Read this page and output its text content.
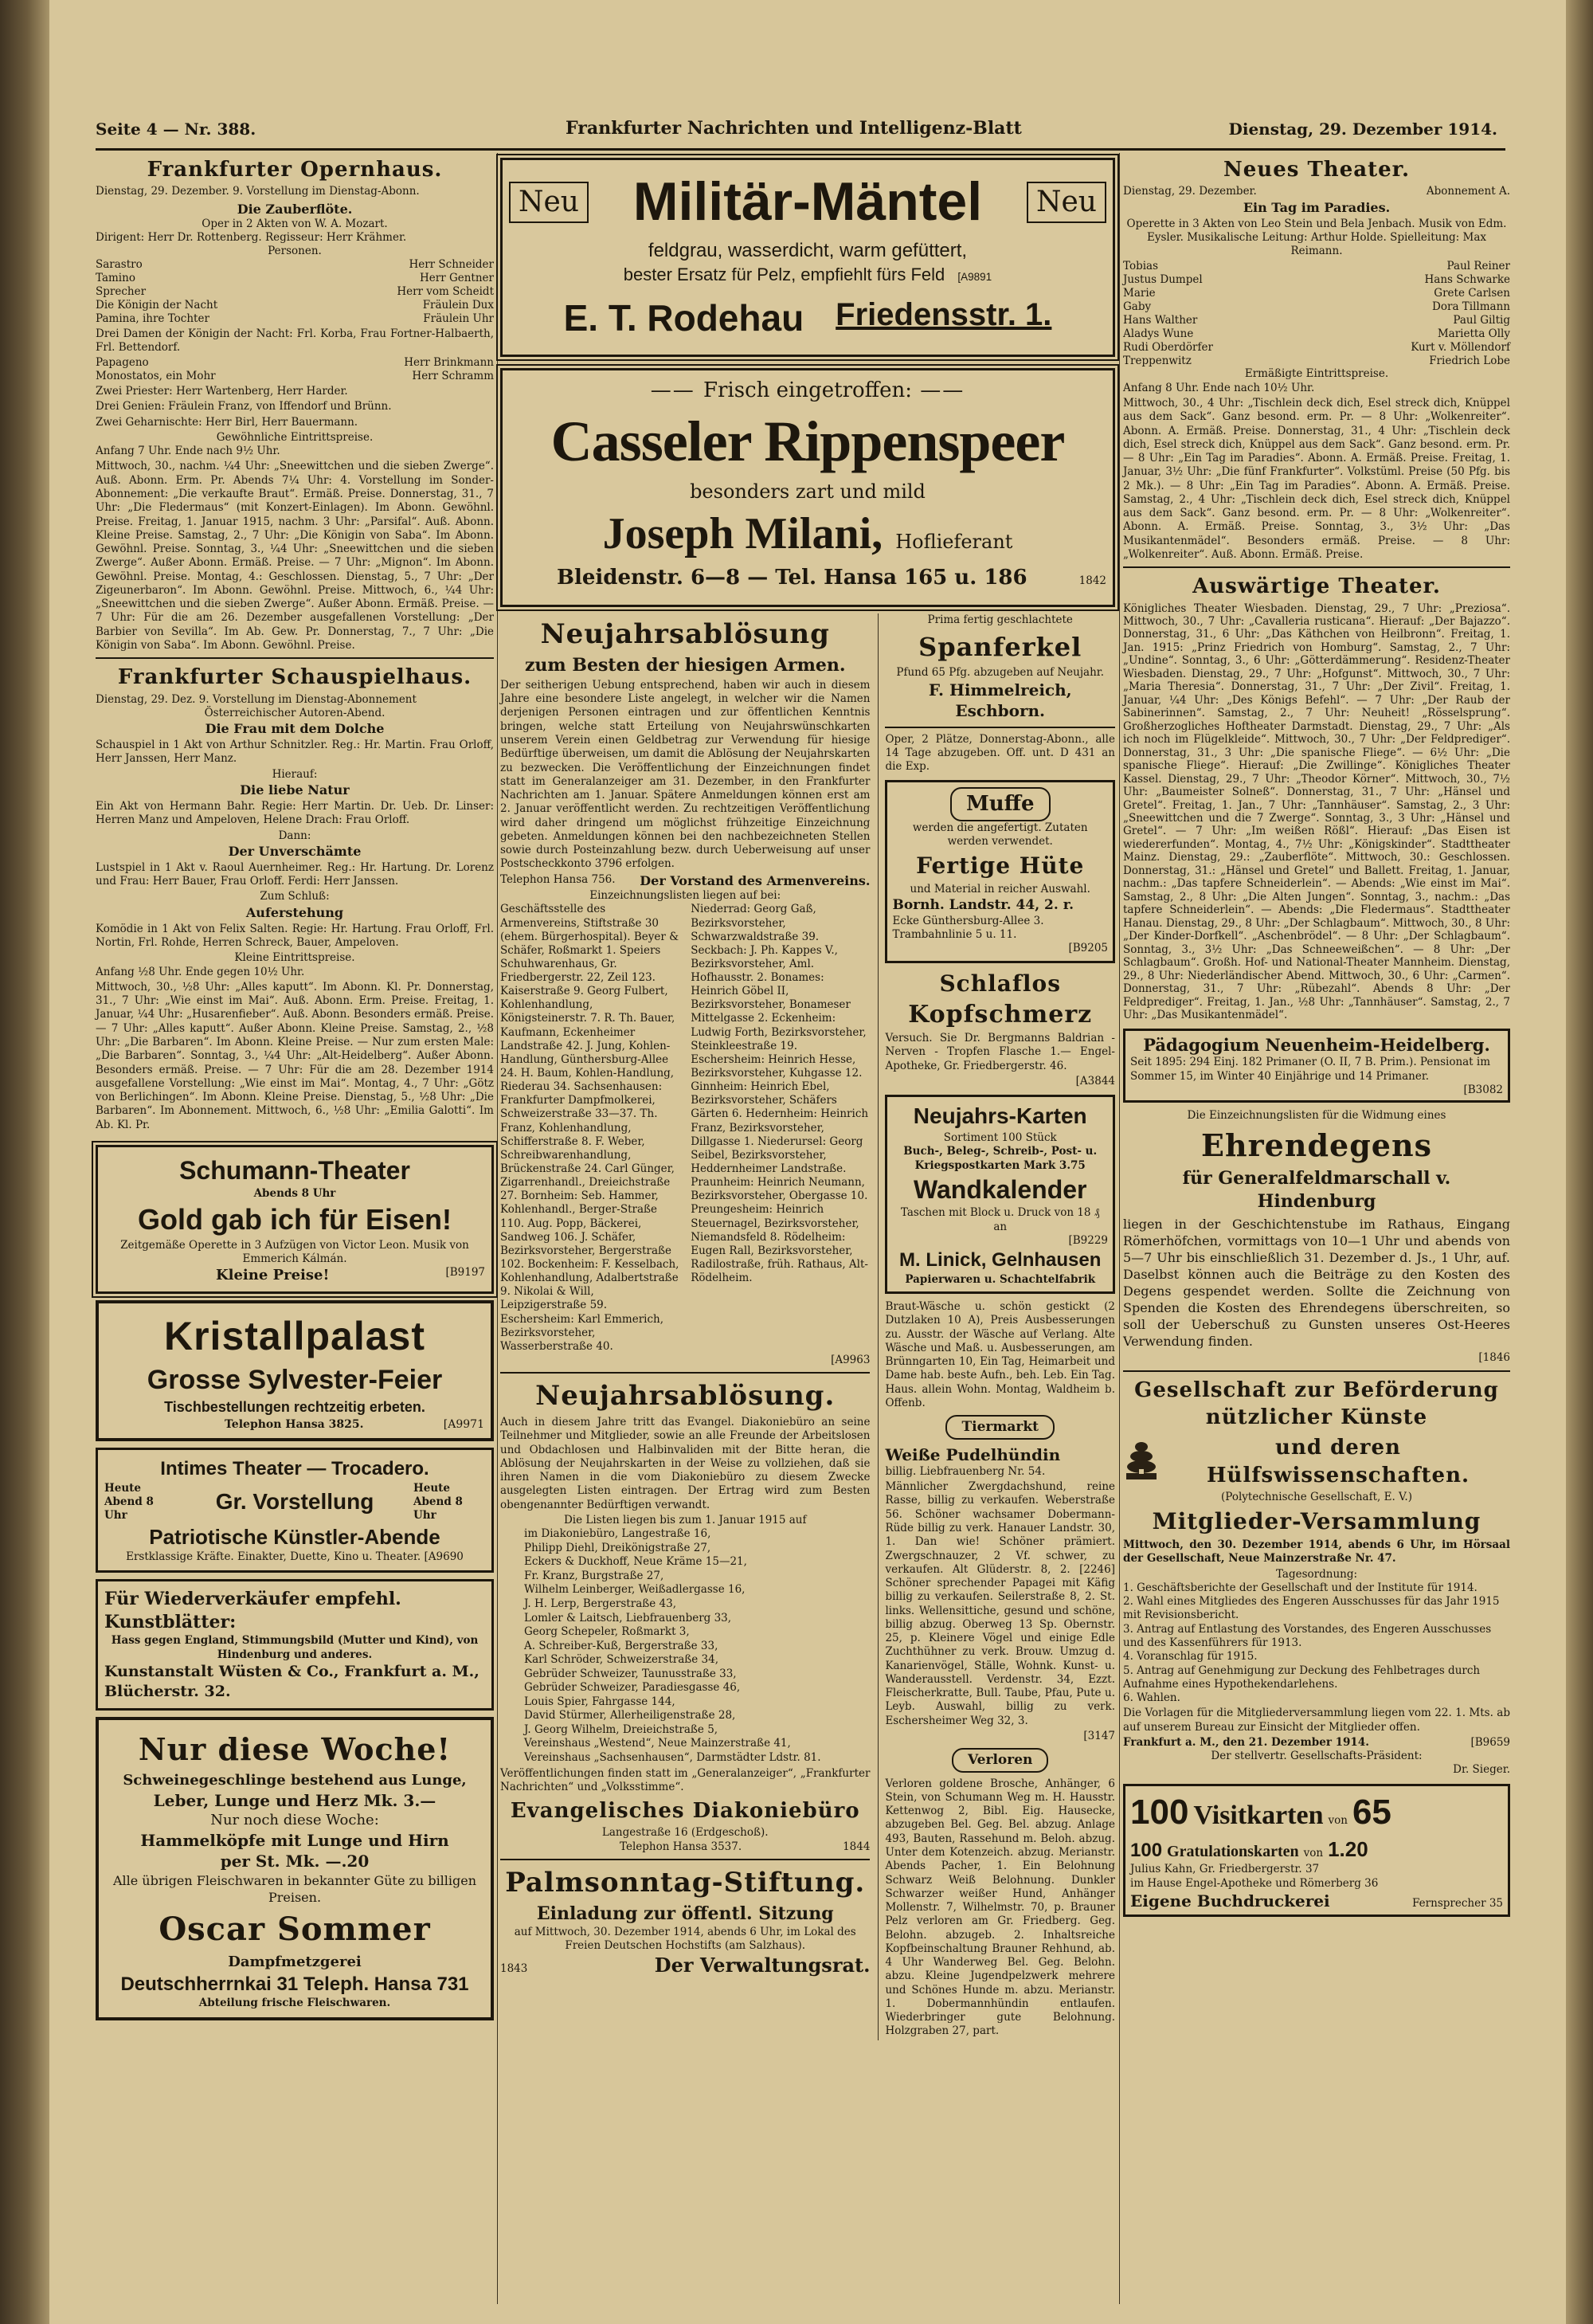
Seite 4 — Nr. 388.	Frankfurter Nachrichten und Intelligenz-Blatt	Dienstag, 29. Dezember 1914.
Frankfurter Opernhaus.
Dienstag, 29. Dezember. 9. Vorstellung im Dienstag-Abonn.
Die Zauberflöte.
Oper in 2 Akten von W. A. Mozart.
Dirigent: Herr Dr. Rottenberg. Regisseur: Herr Krähmer.
Personen.
Sarastro	Herr Schneider
Tamino	Herr Gentner
Sprecher	Herr vom Scheidt
Die Königin der Nacht	Fräulein Dux
Pamina, ihre Tochter	Fräulein Uhr
Drei Damen der Königin der Nacht: Frl. Korba, Frau Fortner-Halbaerth, Frl. Bettendorf.
Papageno	Herr Brinkmann
Monostatos, ein Mohr	Herr Schramm
Zwei Priester: Herr Wartenberg, Herr Harder.
Drei Genien: Fräulein Franz, von Iffendorf und Brünn.
Zwei Geharnischte: Herr Birl, Herr Bauermann.
Gewöhnliche Eintrittspreise.
Anfang 7 Uhr. Ende nach 9½ Uhr.
Mittwoch, 30., nachm. ¼4 Uhr: „Sneewittchen und die sieben Zwerge“. Auß. Abonn. Erm. Pr. Abends 7¼ Uhr: 4. Vorstellung im Sonder-Abonnement: „Die verkaufte Braut“. Ermäß. Preise. Donnerstag, 31., 7 Uhr: „Die Fledermaus“ (mit Konzert-Einlagen). Im Abonn. Gewöhnl. Preise. Freitag, 1. Januar 1915, nachm. 3 Uhr: „Parsifal“. Auß. Abonn. Kleine Preise. Samstag, 2., 7 Uhr: „Die Königin von Saba“. Im Abonn. Gewöhnl. Preise. Sonntag, 3., ¼4 Uhr: „Sneewittchen und die sieben Zwerge“. Außer Abonn. Ermäß. Preise. — 7 Uhr: „Mignon“. Im Abonn. Gewöhnl. Preise. Montag, 4.: Geschlossen. Dienstag, 5., 7 Uhr: „Der Zigeunerbaron“. Im Abonn. Gewöhnl. Preise. Mittwoch, 6., ¼4 Uhr: „Sneewittchen und die sieben Zwerge“. Außer Abonn. Ermäß. Preise. — 7 Uhr: Für die am 26. Dezember ausgefallenen Vorstellung: „Der Barbier von Sevilla“. Im Ab. Gew. Pr. Donnerstag, 7., 7 Uhr: „Die Königin von Saba“. Im Abonn. Gewöhnl. Preise.
Frankfurter Schauspielhaus.
Dienstag, 29. Dez. 9. Vorstellung im Dienstag-Abonnement
Österreichischer Autoren-Abend.
Die Frau mit dem Dolche
Schauspiel in 1 Akt von Arthur Schnitzler. Reg.: Hr. Martin. Frau Orloff, Herr Janssen, Herr Manz.
Hierauf:
Die liebe Natur
Ein Akt von Hermann Bahr. Regie: Herr Martin. Dr. Ueb. Dr. Linser: Herren Manz und Ampeloven, Helene Drach: Frau Orloff.
Dann:
Der Unverschämte
Lustspiel in 1 Akt v. Raoul Auernheimer. Reg.: Hr. Hartung. Dr. Lorenz und Frau: Herr Bauer, Frau Orloff. Ferdi: Herr Janssen.
Zum Schluß:
Auferstehung
Komödie in 1 Akt von Felix Salten. Regie: Hr. Hartung. Frau Orloff, Frl. Nortin, Frl. Rohde, Herren Schreck, Bauer, Ampeloven.
Kleine Eintrittspreise.
Anfang ½8 Uhr. Ende gegen 10½ Uhr.
Mittwoch, 30., ½8 Uhr: „Alles kaputt“. Im Abonn. Kl. Pr. Donnerstag, 31., 7 Uhr: „Wie einst im Mai“. Auß. Abonn. Erm. Preise. Freitag, 1. Januar, ¼4 Uhr: „Husarenfieber“. Auß. Abonn. Besonders ermäß. Preise. — 7 Uhr: „Alles kaputt“. Außer Abonn. Kleine Preise. Samstag, 2., ½8 Uhr: „Die Barbaren“. Im Abonn. Kleine Preise. — Nur zum ersten Male: „Die Barbaren“. Sonntag, 3., ¼4 Uhr: „Alt-Heidelberg“. Außer Abonn. Besonders ermäß. Preise. — 7 Uhr: Für die am 28. Dezember 1914 ausgefallene Vorstellung: „Wie einst im Mai“. Montag, 4., 7 Uhr: „Götz von Berlichingen“. Im Abonn. Kleine Preise. Dienstag, 5., ½8 Uhr: „Die Barbaren“. Im Abonnement. Mittwoch, 6., ½8 Uhr: „Emilia Galotti“. Im Ab. Kl. Pr.
Schumann-Theater
Abends 8 Uhr
Gold gab ich für Eisen!
Zeitgemäße Operette in 3 Aufzügen von Victor Leon. Musik von Emmerich Kálmán.
Kleine Preise!	[B9197
Kristallpalast
Grosse Sylvester-Feier
Tischbestellungen rechtzeitig erbeten.
Telephon Hansa 3825.	[A9971
Intimes Theater — Trocadero.
Heute Abend 8 Uhr
Gr. Vorstellung
Heute Abend 8 Uhr
Patriotische Künstler-Abende
Erstklassige Kräfte. Einakter, Duette, Kino u. Theater. [A9690
Für Wiederverkäufer empfehl. Kunstblätter:
Hass gegen England, Stimmungsbild (Mutter und Kind), von Hindenburg und anderes.
Kunstanstalt Wüsten & Co., Frankfurt a. M., Blücherstr. 32.
Nur diese Woche!
Schweinegeschlinge bestehend aus Lunge,
Leber, Lunge und Herz Mk. 3.—
Nur noch diese Woche:
Hammelköpfe mit Lunge und Hirn
per St. Mk. —.20
Alle übrigen Fleischwaren in bekannter Güte zu billigen Preisen.
Oscar Sommer
Dampfmetzgerei
Deutschherrnkai 31 Teleph. Hansa 731
Abteilung frische Fleischwaren.
Neu Militär-Mäntel	Neu
feldgrau, wasserdicht, warm gefüttert,
bester Ersatz für Pelz, empfiehlt fürs Feld [A9891
E. T. Rodehau Friedensstr. 1.
—— Frisch eingetroffen: ——
Casseler Rippenspeer
besonders zart und mild
Joseph Milani, Hoflieferant
Bleidenstr. 6—8 — Tel. Hansa 165 u. 186	1842
Neujahrsablösung
zum Besten der hiesigen Armen.
Der seitherigen Uebung entsprechend, haben wir auch in diesem Jahre eine besondere Liste angelegt, in welcher wir die Namen derjenigen Personen eintragen und zur öffentlichen Kenntnis bringen, welche statt Erteilung von Neujahrswünschkarten unserem Verein einen Geldbetrag zur Verwendung für hiesige Bedürftige überweisen, um damit die Ablösung der Neujahrskarten zu bezwecken. Die Veröffentlichung der Einzeichnungen findet statt im Generalanzeiger am 31. Dezember, in den Frankfurter Nachrichten am 1. Januar. Spätere Anmeldungen können erst am 2. Januar veröffentlicht werden. Zu rechtzeitigen Veröffentlichung wird daher dringend um möglichst frühzeitige Einzeichnung gebeten. Anmeldungen können bei den nachbezeichneten Stellen sowie durch Posteinzahlung bezw. durch Ueberweisung auf unser Postscheckkonto 3796 erfolgen.
Telephon Hansa 756. Der Vorstand des Armenvereins.
Einzeichnungslisten liegen auf bei:
Geschäftsstelle des Armenvereins, Stiftstraße 30 (ehem. Bürgerhospital). Beyer & Schäfer, Roßmarkt 1. Speiers Schuhwarenhaus, Gr. Friedbergerstr. 22, Zeil 123. Kaiserstraße 9. Georg Fulbert, Kohlenhandlung, Königsteinerstr. 7. R. Th. Bauer, Kaufmann, Eckenheimer Landstraße 42. J. Jung, Kohlen-Handlung, Günthersburg-Allee 24. H. Baum, Kohlen-Handlung, Riederau 34. Sachsenhausen: Frankfurter Dampfmolkerei, Schweizerstraße 33—37. Th. Franz, Kohlenhandlung, Schifferstraße 8. F. Weber, Schreibwarenhandlung, Brückenstraße 24. Carl Günger, Zigarrenhandl., Dreieichstraße 27. Bornheim: Seb. Hammer, Kohlenhandl., Berger-Straße 110. Aug. Popp, Bäckerei, Sandweg 106. J. Schäfer, Bezirksvorsteher, Bergerstraße 102. Bockenheim: F. Kesselbach, Kohlenhandlung, Adalbertstraße 9. Nikolai & Will, Leipzigerstraße 59. Eschersheim: Karl Emmerich, Bezirksvorsteher, Wasserberstraße 40.
Niederrad: Georg Gaß, Bezirksvorsteher, Schwarzwaldstraße 39. Seckbach: J. Ph. Kappes V., Bezirksvorsteher, Aml. Hofhausstr. 2. Bonames: Heinrich Göbel II, Bezirksvorsteher, Bonameser Mittelgasse 2. Eckenheim: Ludwig Forth, Bezirksvorsteher, Steinkleestraße 19. Eschersheim: Heinrich Hesse, Bezirksvorsteher, Kuhgasse 12. Ginnheim: Heinrich Ebel, Bezirksvorsteher, Schäfers Gärten 6. Hedernheim: Heinrich Franz, Bezirksvorsteher, Dillgasse 1. Niederursel: Georg Seibel, Bezirksvorsteher, Heddernheimer Landstraße. Praunheim: Heinrich Neumann, Bezirksvorsteher, Obergasse 10. Preungesheim: Heinrich Steuernagel, Bezirksvorsteher, Niemandsfeld 8. Rödelheim: Eugen Rall, Bezirksvorsteher, Radilostraße, früh. Rathaus, Alt-Rödelheim.
[A9963
Neujahrsablösung.
Auch in diesem Jahre tritt das Evangel. Diakoniebüro an seine Teilnehmer und Mitglieder, sowie an alle Freunde der Arbeitslosen und Obdachlosen und Halbinvaliden mit der Bitte heran, die Ablösung der Neujahrskarten in der Weise zu vollziehen, daß sie ihren Namen in die vom Diakoniebüro zu diesem Zwecke ausgelegten Listen eintragen. Der Ertrag wird zum Besten obengenannter Bedürftigen verwandt.
Die Listen liegen bis zum 1. Januar 1915 auf
im Diakoniebüro, Langestraße 16,
Philipp Diehl, Dreikönigstraße 27,
Eckers & Duckhoff, Neue Kräme 15—21,
Fr. Kranz, Burgstraße 27,
Wilhelm Leinberger, Weißadlergasse 16,
J. H. Lerp, Bergerstraße 43,
Lomler & Laitsch, Liebfrauenberg 33,
Georg Schepeler, Roßmarkt 3,
A. Schreiber-Kuß, Bergerstraße 33,
Karl Schröder, Schweizerstraße 34,
Gebrüder Schweizer, Taunusstraße 33,
Gebrüder Schweizer, Paradiesgasse 46,
Louis Spier, Fahrgasse 144,
David Stürmer, Allerheiligenstraße 28,
J. Georg Wilhelm, Dreieichstraße 5,
Vereinshaus „Westend“, Neue Mainzerstraße 41,
Vereinshaus „Sachsenhausen“, Darmstädter Ldstr. 81.
Veröffentlichungen finden statt im „Generalanzeiger“, „Frankfurter Nachrichten“ und „Volksstimme“.
Evangelisches Diakoniebüro
Langestraße 16 (Erdgeschoß).
Telephon Hansa 3537.	1844
Palmsonntag-Stiftung.
Einladung zur öffentl. Sitzung
auf Mittwoch, 30. Dezember 1914, abends 6 Uhr, im Lokal des Freien Deutschen Hochstifts (am Salzhaus).
1843	Der Verwaltungsrat.
Prima fertig geschlachtete
Spanferkel
Pfund 65 Pfg. abzugeben auf Neujahr.
F. Himmelreich, Eschborn.
Oper, 2 Plätze, Donnerstag-Abonn., alle 14 Tage abzugeben. Off. unt. D 431 an die Exp.
Muffe
werden die angefertigt. Zutaten werden verwendet.
Fertige Hüte
und Material in reicher Auswahl.
Bornh. Landstr. 44, 2. r.
Ecke Günthersburg-Allee 3. Trambahnlinie 5 u. 11.
[B9205
Schlaflos
Kopfschmerz
Versuch. Sie Dr. Bergmanns Baldrian - Nerven - Tropfen Flasche 1.— Engel-Apotheke, Gr. Friedbergerstr. 46.
[A3844
Neujahrs-Karten
Sortiment 100 Stück
Buch-, Beleg-, Schreib-, Post- u. Kriegspostkarten Mark 3.75
Wandkalender
Taschen mit Block u. Druck von 18 ₰ an
[B9229
M. Linick, Gelnhausen
Papierwaren u. Schachtelfabrik
Braut-Wäsche u. schön gestickt (2 Dutzlaken 10 A), Preis Ausbesserungen zu. Ausstr. der Wäsche auf Verlang. Alte Wäsche und Maß. u. Ausbesserungen, am Brünngarten 10, Ein Tag, Heimarbeit und Dame hab. beste Aufn., beh. Leb. Ein Tag. Haus. allein Wohn. Montag, Waldheim b. Offenb.
Tiermarkt
Weiße Pudelhündin
billig. Liebfrauenberg Nr. 54.
Männlicher Zwergdachshund, reine Rasse, billig zu verkaufen. Weberstraße 56. Schöner wachsamer Dobermann-Rüde billig zu verk. Hanauer Landstr. 30, 1. Dan wie! Schöner prämiert. Zwergschnauzer, 2 Vf. schwer, zu verkaufen. Alt Glüderstr. 8, 2. [2246] Schöner sprechender Papagei mit Käfig billig zu verkaufen. Seilerstraße 8, 2. St. links. Wellensittiche, gesund und schöne, billig abzug. Oberweg 13 Sp. Obernstr. 25, p. Kleinere Vögel und einige Edle Zuchthühner zu verk. Brouw. Umzug d. Kanarienvögel, Ställe, Wohnk. Kunst- u. Wanderausstell. Verdenstr. 34, Ezzt. Fleischerkratte, Bull. Taube, Pfau, Pute u. Leyb. Auswahl, billig zu verk. Eschersheimer Weg 32, 3.
[3147
Verloren
Verloren goldene Brosche, Anhänger, 6 Stein, von Schumann Weg m. H. Hausstr. Kettenwog 2, Bibl. Eig. Hausecke, abzugeben Bel. Geg. Bel. abzug. Anlage 493, Bauten, Rassehund m. Beloh. abzug. Unter dem Kotenzeich. abzug. Merianstr. Abends Pacher, 1. Ein Belohnung Schwarz Weiß Belohnung. Dunkler Schwarzer weißer Hund, Anhänger Mollenstr. 7, Wilhelmstr. 70, p. Brauner Pelz verloren am Gr. Friedberg. Geg. Belohn. abzugeb. 2. Inhaltsreiche Kopfbeinschaltung Brauner Rehhund, ab. 4 Uhr Wanderweg Bel. Geg. Belohn. abzu. Kleine Jugendpelzwerk mehrere und Schönes Hunde m. abzu. Merianstr. 1. Dobermannhündin entlaufen. Wiederbringer gute Belohnung. Holzgraben 27, part.
Neues Theater.
Dienstag, 29. Dezember.	Abonnement A.
Ein Tag im Paradies.
Operette in 3 Akten von Leo Stein und Bela Jenbach. Musik von Edm. Eysler. Musikalische Leitung: Arthur Holde. Spielleitung: Max Reimann.
Tobias	Paul Reiner
Justus Dumpel	Hans Schwarke
Marie	Grete Carlsen
Gaby	Dora Tillmann
Hans Walther	Paul Giltig
Aladys Wune	Marietta Olly
Rudi Oberdörfer	Kurt v. Möllendorf
Treppenwitz	Friedrich Lobe
Ermäßigte Eintrittspreise.
Anfang 8 Uhr. Ende nach 10½ Uhr.
Mittwoch, 30., 4 Uhr: „Tischlein deck dich, Esel streck dich, Knüppel aus dem Sack“. Ganz besond. erm. Pr. — 8 Uhr: „Wolkenreiter“. Abonn. A. Ermäß. Preise. Donnerstag, 31., 4 Uhr: „Tischlein deck dich, Esel streck dich, Knüppel aus dem Sack“. Ganz besond. erm. Pr. — 8 Uhr: „Ein Tag im Paradies“. Abonn. A. Ermäß. Preise. Freitag, 1. Januar, 3½ Uhr: „Die fünf Frankfurter“. Volkstüml. Preise (50 Pfg. bis 2 Mk.). — 8 Uhr: „Ein Tag im Paradies“. Abonn. A. Ermäß. Preise. Samstag, 2., 4 Uhr: „Tischlein deck dich, Esel streck dich, Knüppel aus dem Sack“. Ganz besond. erm. Pr. — 8 Uhr: „Wolkenreiter“. Abonn. A. Ermäß. Preise. Sonntag, 3., 3½ Uhr: „Das Musikantenmädel“. Besonders ermäß. Preise. — 8 Uhr: „Wolkenreiter“. Auß. Abonn. Ermäß. Preise.
Auswärtige Theater.
Königliches Theater Wiesbaden. Dienstag, 29., 7 Uhr: „Preziosa“. Mittwoch, 30., 7 Uhr: „Cavalleria rusticana“. Hierauf: „Der Bajazzo“. Donnerstag, 31., 6 Uhr: „Das Käthchen von Heilbronn“. Freitag, 1. Jan. 1915: „Prinz Friedrich von Homburg“. Samstag, 2., 7 Uhr: „Undine“. Sonntag, 3., 6 Uhr: „Götterdämmerung“. Residenz-Theater Wiesbaden. Dienstag, 29., 7 Uhr: „Hofgunst“. Mittwoch, 30., 7 Uhr: „Maria Theresia“. Donnerstag, 31., 7 Uhr: „Der Zivil“. Freitag, 1. Januar, ¼4 Uhr: „Des Königs Befehl“. — 7 Uhr: „Der Raub der Sabinerinnen“. Samstag, 2., 7 Uhr: Neuheit! „Rösselsprung“. Großherzogliches Hoftheater Darmstadt. Dienstag, 29., 7 Uhr: „Als ich noch im Flügelkleide“. Mittwoch, 30., 7 Uhr: „Der Feldprediger“. Donnerstag, 31., 3 Uhr: „Die spanische Fliege“. — 6½ Uhr: „Die spanische Fliege“. Hierauf: „Die Zwillinge“. Königliches Theater Kassel. Dienstag, 29., 7 Uhr: „Theodor Körner“. Mittwoch, 30., 7½ Uhr: „Baumeister Solneß“. Donnerstag, 31., 7 Uhr: „Hänsel und Gretel“. Freitag, 1. Jan., 7 Uhr: „Tannhäuser“. Samstag, 2., 3 Uhr: „Sneewittchen und die 7 Zwerge“. Sonntag, 3., 3 Uhr: „Hänsel und Gretel“. — 7 Uhr: „Im weißen Rößl“. Hierauf: „Das Eisen ist wiedererfunden“. Montag, 4., 7½ Uhr: „Königskinder“. Stadttheater Mainz. Dienstag, 29.: „Zauberflöte“. Mittwoch, 30.: Geschlossen. Donnerstag, 31.: „Hänsel und Gretel“ und Ballett. Freitag, 1. Januar, nachm.: „Das tapfere Schneiderlein“. — Abends: „Wie einst im Mai“. Samstag, 2., 8 Uhr: „Die Alten Jungen“. Sonntag, 3., nachm.: „Das tapfere Schneiderlein“. — Abends: „Die Fledermaus“. Stadttheater Hanau. Dienstag, 29., 8 Uhr: „Der Schlagbaum“. Mittwoch, 30., 8 Uhr: „Der Kinder-Dorfkell“. „Aschenbrödel“. — 8 Uhr: „Der Schlagbaum“. Sonntag, 3., 3½ Uhr: „Das Schneeweißchen“. — 8 Uhr: „Der Schlagbaum“. Großh. Hof- und National-Theater Mannheim. Dienstag, 29., 8 Uhr: Niederländischer Abend. Mittwoch, 30., 6 Uhr: „Carmen“. Donnerstag, 31., 7 Uhr: „Rübezahl“. Abends 8 Uhr: „Der Feldprediger“. Freitag, 1. Jan., ½8 Uhr: „Tannhäuser“. Samstag, 2., 7 Uhr: „Das Musikantenmädel“.
Pädagogium Neuenheim-Heidelberg.
Seit 1895: 294 Einj. 182 Primaner (O. II, 7 B. Prim.). Pensionat im Sommer 15, im Winter 40 Einjährige und 14 Primaner.
[B3082
Die Einzeichnungslisten für die Widmung eines
Ehrendegens
für Generalfeldmarschall v. Hindenburg
liegen in der Geschichtenstube im Rathaus, Eingang Römerhöfchen, vormittags von 10—1 Uhr und abends von 5—7 Uhr bis einschließlich 31. Dezember d. Js., 1 Uhr, auf. Daselbst können auch die Beiträge zu den Kosten des Degens gespendet werden. Sollte die Zeichnung von Spenden die Kosten des Ehrendegens überschreiten, so soll der Ueberschuß zu Gunsten unseres Ost-Heeres Verwendung finden.
[1846
Gesellschaft zur Beförderung nützlicher Künste
und deren Hülfswissenschaften.
(Polytechnische Gesellschaft, E. V.)
Mitglieder-Versammlung
Mittwoch, den 30. Dezember 1914, abends 6 Uhr, im Hörsaal der Gesellschaft, Neue Mainzerstraße Nr. 47.
Tagesordnung:
1. Geschäftsberichte der Gesellschaft und der Institute für 1914.
2. Wahl eines Mitgliedes des Engeren Ausschusses für das Jahr 1915 mit Revisionsbericht.
3. Antrag auf Entlastung des Vorstandes, des Engeren Ausschusses und des Kassenführers für 1913.
4. Voranschlag für 1915.
5. Antrag auf Genehmigung zur Deckung des Fehlbetrages durch Aufnahme eines Hypothekendarlehens.
6. Wahlen.
Die Vorlagen für die Mitgliederversammlung liegen vom 22. 1. Mts. ab auf unserem Bureau zur Einsicht der Mitglieder offen.
Frankfurt a. M., den 21. Dezember 1914.	[B9659
Der stellvertr. Gesellschafts-Präsident:
Dr. Sieger.
100 Visitkarten von 65
100 Gratulationskarten von 1.20
Julius Kahn, Gr. Friedbergerstr. 37
im Hause Engel-Apotheke und Römerberg 36
Eigene Buchdruckerei	Fernsprecher 35
